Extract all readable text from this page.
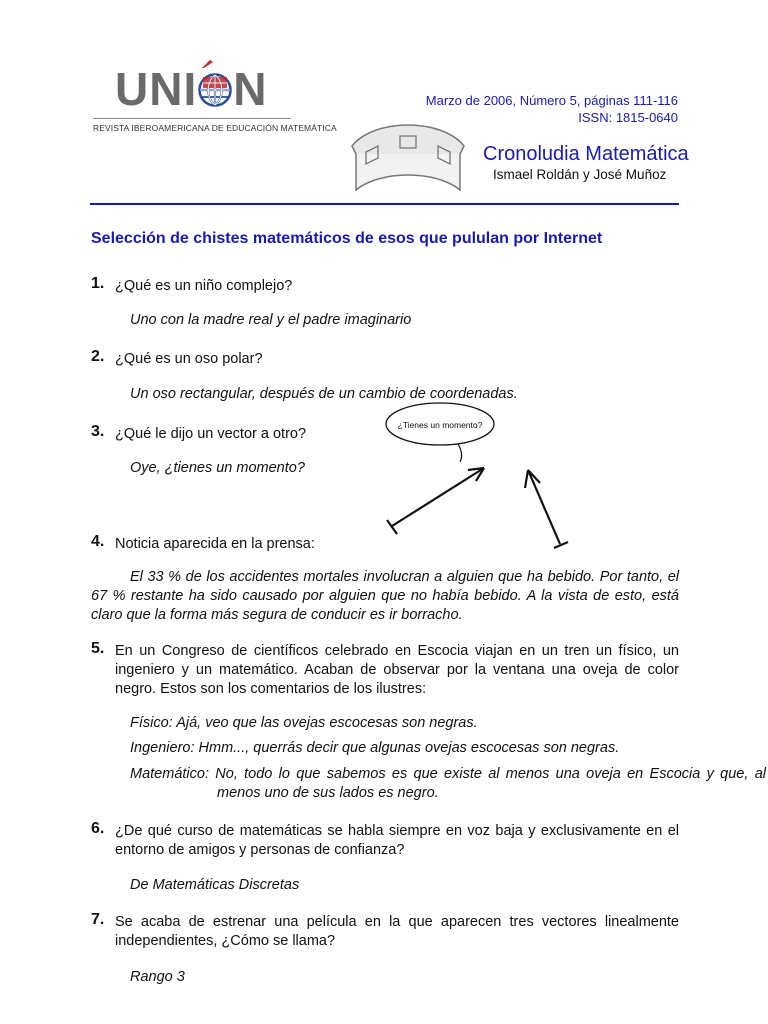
UNI N
REVISTA IBEROAMERICANA DE EDUCACIÓN MATEMÁTICA
Marzo de 2006, Número 5, páginas 111-116
ISSN: 1815-0640
Cronoludia Matemática
Ismael Roldán y José Muñoz
Selección de chistes matemáticos de esos que pululan por Internet
1. ¿Qué es un niño complejo?
Uno con la madre real y el padre imaginario
2. ¿Qué es un oso polar?
Un oso rectangular, después de un cambio de coordenadas.
3. ¿Qué le dijo un vector a otro?
Oye, ¿tienes un momento?
¿Tienes un momento?
4. Noticia aparecida en la prensa:
El 33 % de los accidentes mortales involucran a alguien que ha bebido. Por tanto, el 67 % restante ha sido causado por alguien que no había bebido. A la vista de esto, está claro que la forma más segura de conducir es ir borracho.
5. En un Congreso de científicos celebrado en Escocia viajan en un tren un físico, un ingeniero y un matemático. Acaban de observar por la ventana una oveja de color negro. Estos son los comentarios de los ilustres:
Físico: Ajá, veo que las ovejas escocesas son negras.
Ingeniero: Hmm..., querrás decir que algunas ovejas escocesas son negras.
Matemático: No, todo lo que sabemos es que existe al menos una oveja en Escocia y que, al menos uno de sus lados es negro.
6. ¿De qué curso de matemáticas se habla siempre en voz baja y exclusivamente en el entorno de amigos y personas de confianza?
De Matemáticas Discretas
7. Se acaba de estrenar una película en la que aparecen tres vectores linealmente independientes, ¿Cómo se llama?
Rango 3
